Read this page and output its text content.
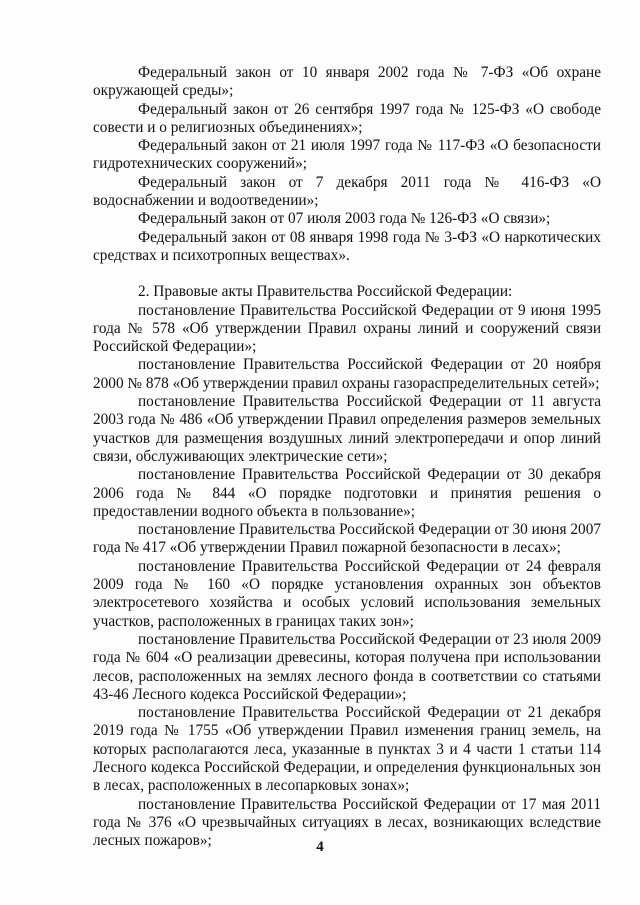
Федеральный закон от 10 января 2002 года № 7-ФЗ «Об охране окружающей среды»;

Федеральный закон от 26 сентября 1997 года № 125-ФЗ «О свободе совести и о религиозных объединениях»;

Федеральный закон от 21 июля 1997 года № 117-ФЗ «О безопасности гидротехнических сооружений»;

Федеральный закон от 7 декабря 2011 года № 416-ФЗ «О водоснабжении и водоотведении»;

Федеральный закон от 07 июля 2003 года № 126-ФЗ «О связи»;

Федеральный закон от 08 января 1998 года № 3-ФЗ «О наркотических средствах и психотропных веществах».

2. Правовые акты Правительства Российской Федерации:

постановление Правительства Российской Федерации от 9 июня 1995 года № 578 «Об утверждении Правил охраны линий и сооружений связи Российской Федерации»;

постановление Правительства Российской Федерации от 20 ноября 2000 № 878 «Об утверждении правил охраны газораспределительных сетей»;

постановление Правительства Российской Федерации от 11 августа 2003 года № 486 «Об утверждении Правил определения размеров земельных участков для размещения воздушных линий электропередачи и опор линий связи, обслуживающих электрические сети»;

постановление Правительства Российской Федерации от 30 декабря 2006 года № 844 «О порядке подготовки и принятия решения о предоставлении водного объекта в пользование»;

постановление Правительства Российской Федерации от 30 июня 2007 года № 417 «Об утверждении Правил пожарной безопасности в лесах»;

постановление Правительства Российской Федерации от 24 февраля 2009 года № 160 «О порядке установления охранных зон объектов электросетевого хозяйства и особых условий использования земельных участков, расположенных в границах таких зон»;

постановление Правительства Российской Федерации от 23 июля 2009 года № 604 «О реализации древесины, которая получена при использовании лесов, расположенных на землях лесного фонда в соответствии со статьями 43-46 Лесного кодекса Российской Федерации»;

постановление Правительства Российской Федерации от 21 декабря 2019 года № 1755 «Об утверждении Правил изменения границ земель, на которых располагаются леса, указанные в пунктах 3 и 4 части 1 статьи 114 Лесного кодекса Российской Федерации, и определения функциональных зон в лесах, расположенных в лесопарковых зонах»;

постановление Правительства Российской Федерации от 17 мая 2011 года № 376 «О чрезвычайных ситуациях в лесах, возникающих вследствие лесных пожаров»;	4
